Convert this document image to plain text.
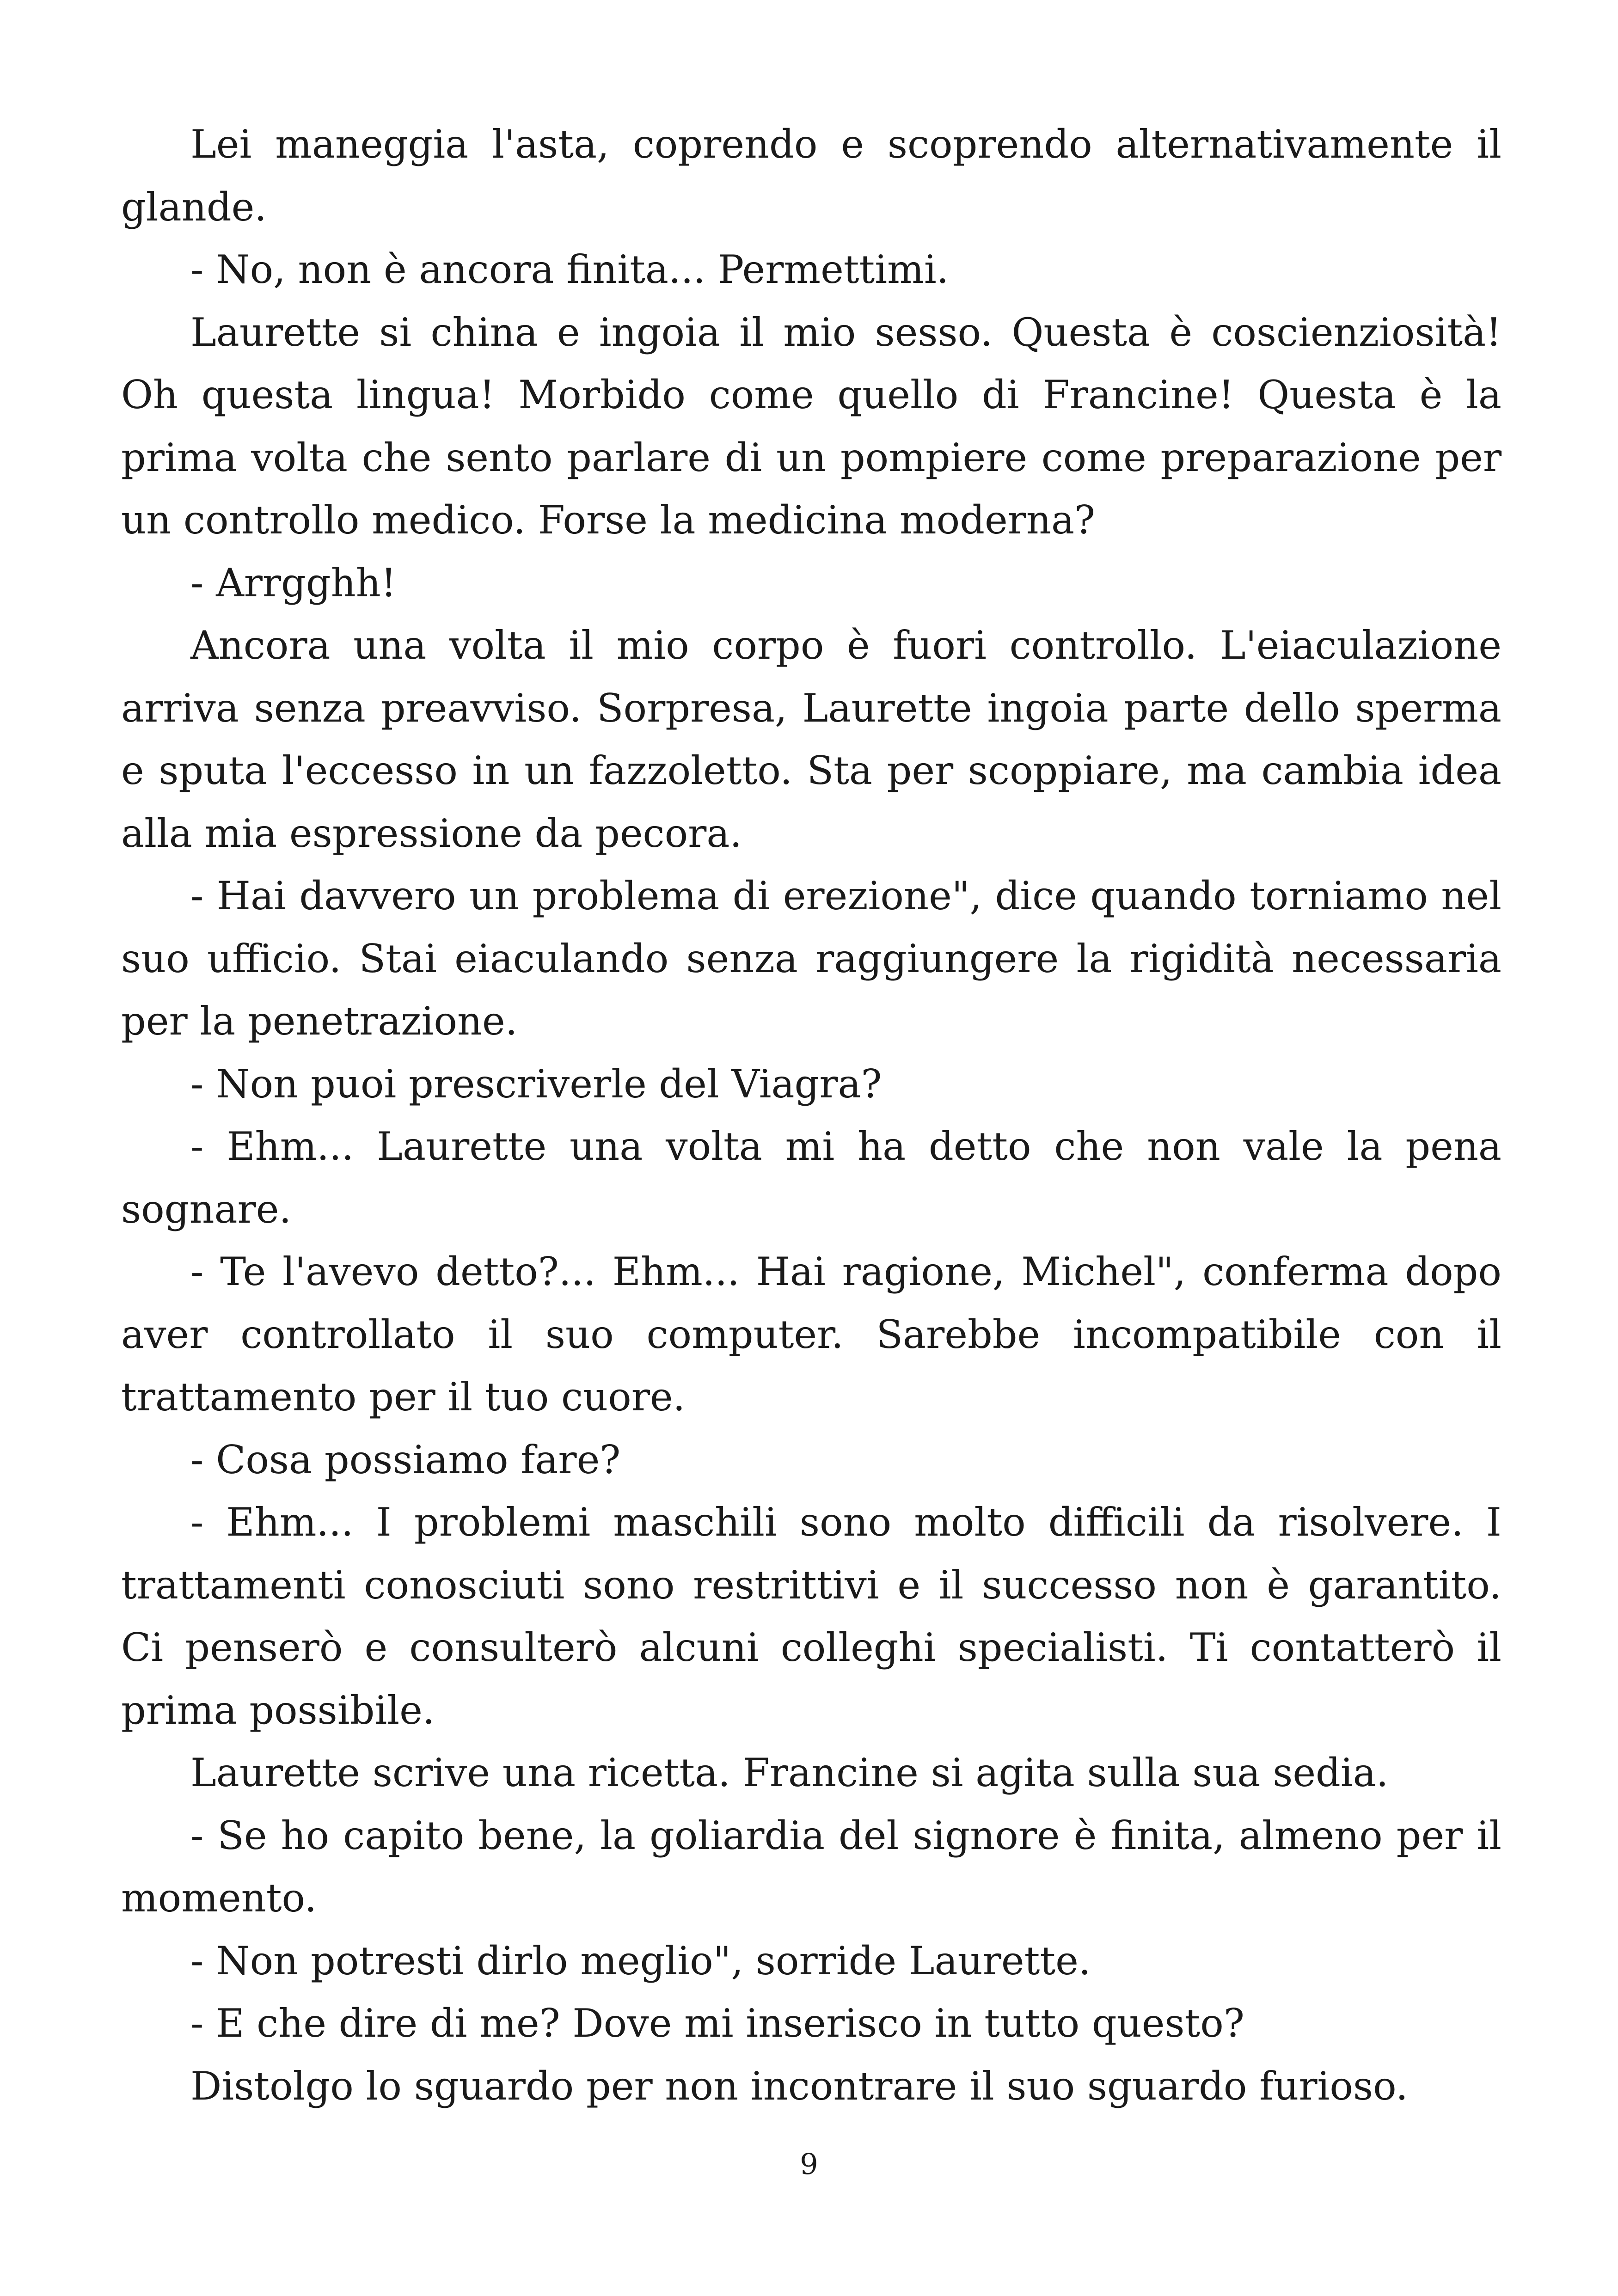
Lei maneggia l'asta, coprendo e scoprendo alternativamente il glande.

- No, non è ancora finita... Permettimi.

Laurette si china e ingoia il mio sesso. Questa è coscienziosità! Oh questa lingua! Morbido come quello di Francine! Questa è la prima volta che sento parlare di un pompiere come preparazione per un controllo medico. Forse la medicina moderna?

- Arrgghh!

Ancora una volta il mio corpo è fuori controllo. L'eiaculazione arriva senza preavviso. Sorpresa, Laurette ingoia parte dello sperma e sputa l'eccesso in un fazzoletto. Sta per scoppiare, ma cambia idea alla mia espressione da pecora.

- Hai davvero un problema di erezione", dice quando torniamo nel suo ufficio. Stai eiaculando senza raggiungere la rigidità necessaria per la penetrazione.

- Non puoi prescriverle del Viagra?

- Ehm... Laurette una volta mi ha detto che non vale la pena sognare.

- Te l'avevo detto?... Ehm... Hai ragione, Michel", conferma dopo aver controllato il suo computer. Sarebbe incompatibile con il trattamento per il tuo cuore.

- Cosa possiamo fare?

- Ehm... I problemi maschili sono molto difficili da risolvere. I trattamenti conosciuti sono restrittivi e il successo non è garantito. Ci penserò e consulterò alcuni colleghi specialisti. Ti contatterò il prima possibile.

Laurette scrive una ricetta. Francine si agita sulla sua sedia.

- Se ho capito bene, la goliardia del signore è finita, almeno per il momento.

- Non potresti dirlo meglio", sorride Laurette.

- E che dire di me? Dove mi inserisco in tutto questo?

Distolgo lo sguardo per non incontrare il suo sguardo furioso.

9
